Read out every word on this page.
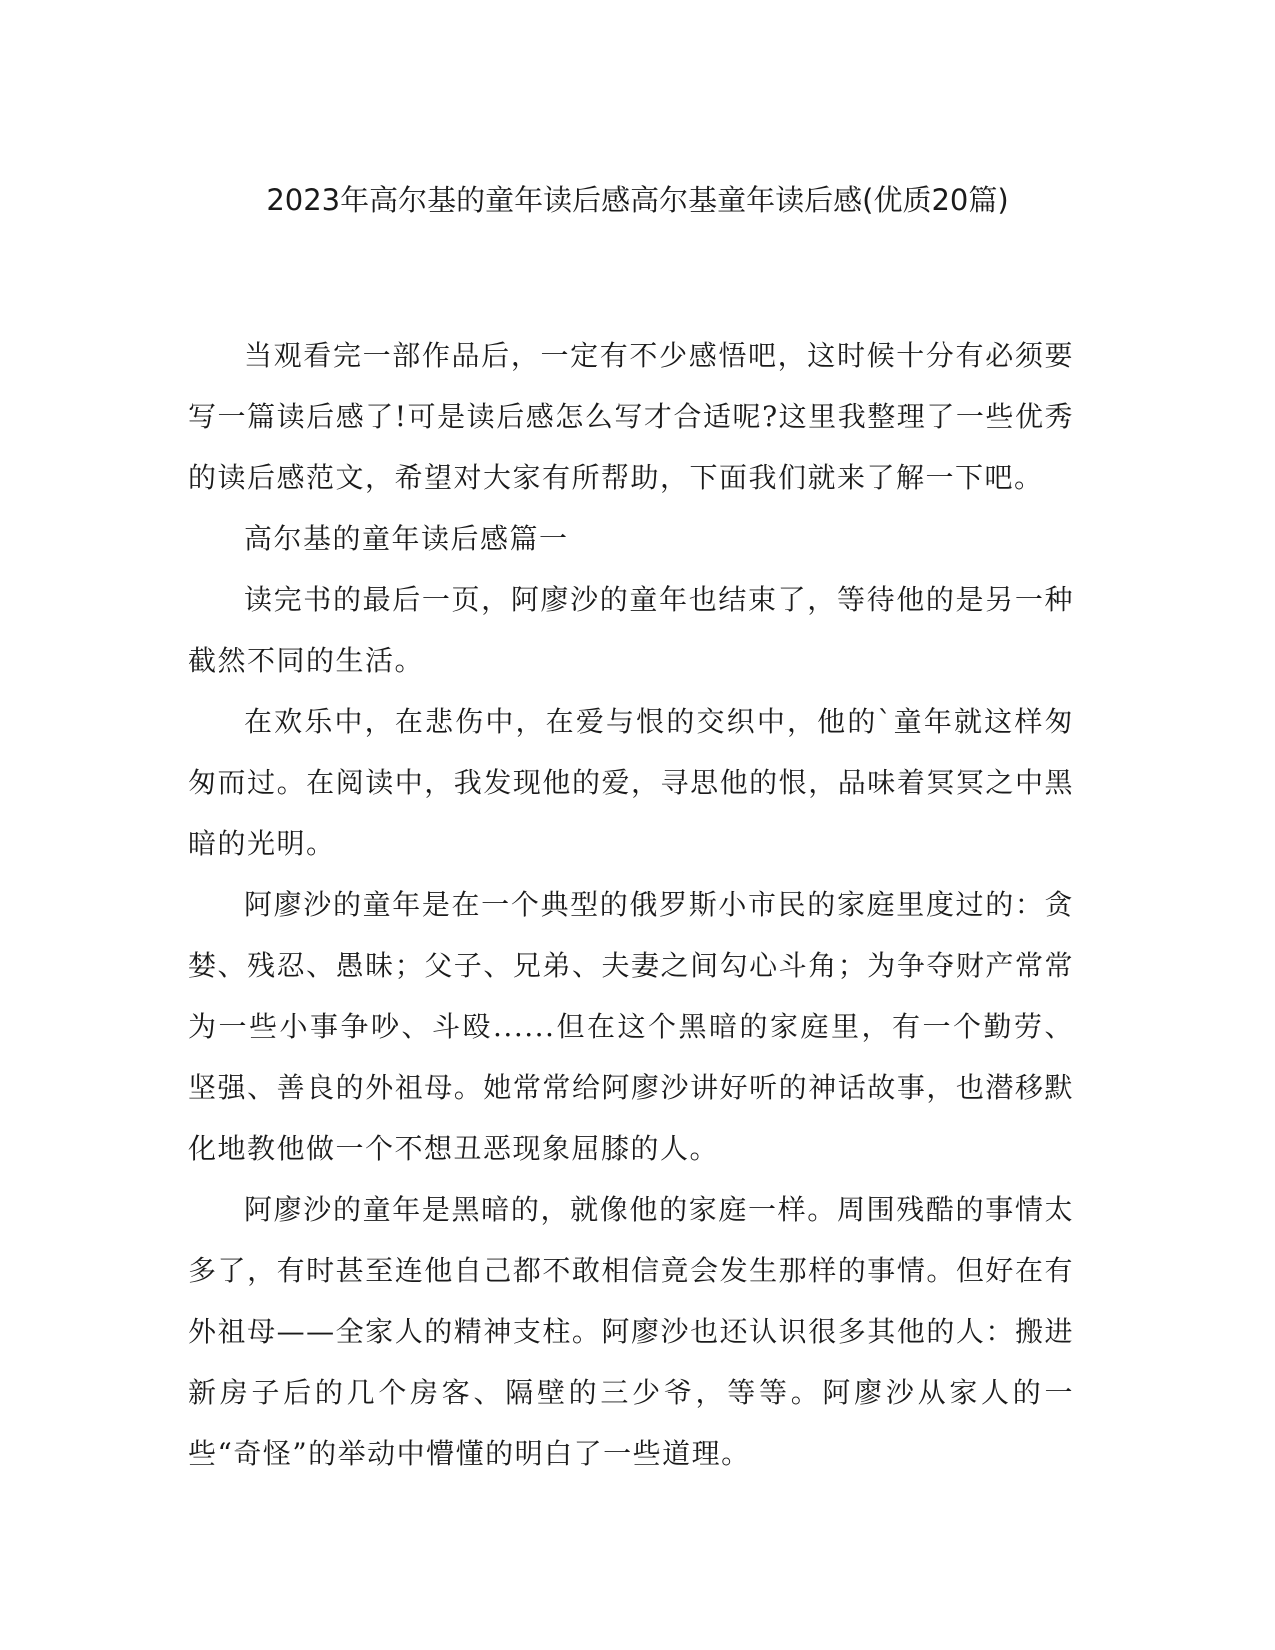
2023年高尔基的童年读后感高尔基童年读后感(优质20篇)

当观看完一部作品后，一定有不少感悟吧，这时候十分有必须要写一篇读后感了!可是读后感怎么写才合适呢?这里我整理了一些优秀的读后感范文，希望对大家有所帮助，下面我们就来了解一下吧。

高尔基的童年读后感篇一

读完书的最后一页，阿廖沙的童年也结束了，等待他的是另一种截然不同的生活。

在欢乐中，在悲伤中，在爱与恨的交织中，他的`童年就这样匆匆而过。在阅读中，我发现他的爱，寻思他的恨，品味着冥冥之中黑暗的光明。

阿廖沙的童年是在一个典型的俄罗斯小市民的家庭里度过的：贪婪、残忍、愚昧；父子、兄弟、夫妻之间勾心斗角；为争夺财产常常为一些小事争吵、斗殴......但在这个黑暗的家庭里，有一个勤劳、坚强、善良的外祖母。她常常给阿廖沙讲好听的神话故事，也潜移默化地教他做一个不想丑恶现象屈膝的人。

阿廖沙的童年是黑暗的，就像他的家庭一样。周围残酷的事情太多了，有时甚至连他自己都不敢相信竟会发生那样的事情。但好在有外祖母——全家人的精神支柱。阿廖沙也还认识很多其他的人：搬进新房子后的几个房客、隔壁的三少爷，等等。阿廖沙从家人的一些“奇怪”的举动中懵懂的明白了一些道理。
